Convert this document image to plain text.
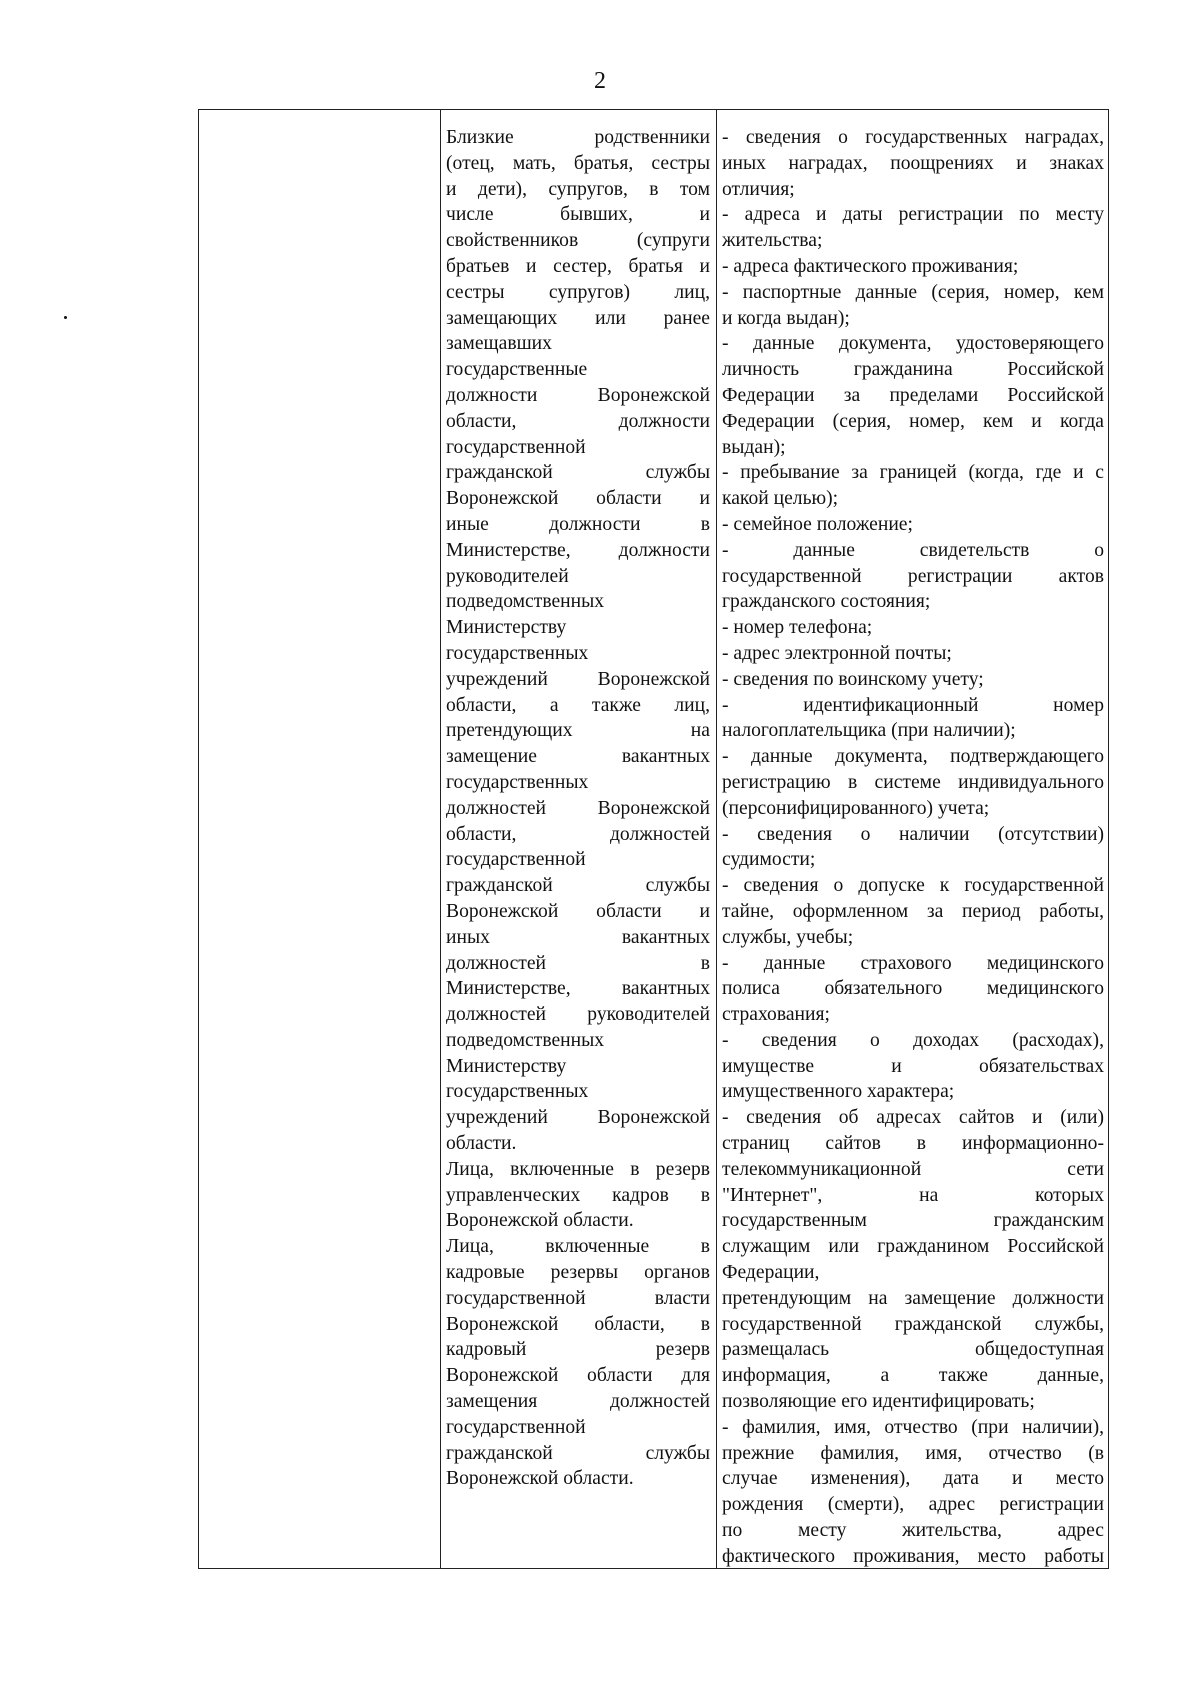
2
Близкие родственники
(отец, мать, братья, сестры
и дети), супругов, в том
числе бывших, и
свойственников (супруги
братьев и сестер, братья и
сестры супругов) лиц,
замещающих или ранее
замещавших
государственные
должности Воронежской
области, должности
государственной
гражданской службы
Воронежской области и
иные должности в
Министерстве, должности
руководителей
подведомственных
Министерству
государственных
учреждений Воронежской
области, а также лиц,
претендующих на
замещение вакантных
государственных
должностей Воронежской
области, должностей
государственной
гражданской службы
Воронежской области и
иных вакантных
должностей в
Министерстве, вакантных
должностей руководителей
подведомственных
Министерству
государственных
учреждений Воронежской
области.
Лица, включенные в резерв
управленческих кадров в
Воронежской области.
Лица, включенные в
кадровые резервы органов
государственной власти
Воронежской области, в
кадровый резерв
Воронежской области для
замещения должностей
государственной
гражданской службы
Воронежской области.
- сведения о государственных наградах,
иных наградах, поощрениях и знаках
отличия;
- адреса и даты регистрации по месту
жительства;
- адреса фактического проживания;
- паспортные данные (серия, номер, кем
и когда выдан);
- данные документа, удостоверяющего
личность гражданина Российской
Федерации за пределами Российской
Федерации (серия, номер, кем и когда
выдан);
- пребывание за границей (когда, где и с
какой целью);
- семейное положение;
- данные свидетельств о
государственной регистрации актов
гражданского состояния;
- номер телефона;
- адрес электронной почты;
- сведения по воинскому учету;
- идентификационный номер
налогоплательщика (при наличии);
- данные документа, подтверждающего
регистрацию в системе индивидуального
(персонифицированного) учета;
- сведения о наличии (отсутствии)
судимости;
- сведения о допуске к государственной
тайне, оформленном за период работы,
службы, учебы;
- данные страхового медицинского
полиса обязательного медицинского
страхования;
- сведения о доходах (расходах),
имуществе и обязательствах
имущественного характера;
- сведения об адресах сайтов и (или)
страниц сайтов в информационно-
телекоммуникационной сети
"Интернет", на которых
государственным гражданским
служащим или гражданином Российской
Федерации,
претендующим на замещение должности
государственной гражданской службы,
размещалась общедоступная
информация, а также данные,
позволяющие его идентифицировать;
- фамилия, имя, отчество (при наличии),
прежние фамилия, имя, отчество (в
случае изменения), дата и место
рождения (смерти), адрес регистрации
по месту жительства, адрес
фактического проживания, место работы
